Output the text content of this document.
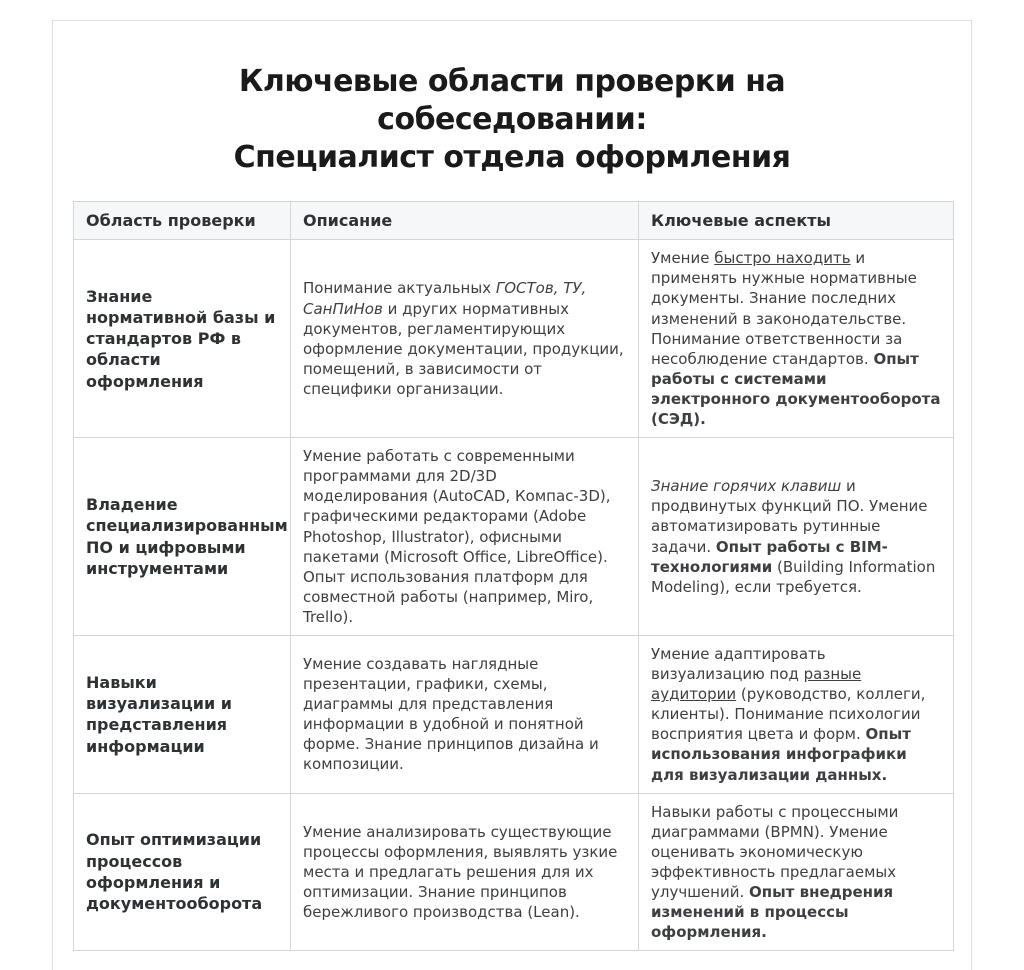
Ключевые области проверки на собеседовании:
Специалист отдела оформления
Область проверки	Описание	Ключевые аспекты
Знание нормативной базы и стандартов РФ в области оформления	Понимание актуальных ГОСТов, ТУ, СанПиНов и других нормативных документов, регламентирующих оформление документации, продукции, помещений, в зависимости от специфики организации.	Умение быстро находить и применять нужные нормативные документы. Знание последних изменений в законодательстве. Понимание ответственности за несоблюдение стандартов. Опыт работы с системами электронного документооборота (СЭД).
Владение специализированным ПО и цифровыми инструментами	Умение работать с современными программами для 2D/3D моделирования (AutoCAD, Компас-3D), графическими редакторами (Adobe Photoshop, Illustrator), офисными пакетами (Microsoft Office, LibreOffice). Опыт использования платформ для совместной работы (например, Miro, Trello).	Знание горячих клавиш и продвинутых функций ПО. Умение автоматизировать рутинные задачи. Опыт работы с BIM-технологиями (Building Information Modeling), если требуется.
Навыки визуализации и представления информации	Умение создавать наглядные презентации, графики, схемы, диаграммы для представления информации в удобной и понятной форме. Знание принципов дизайна и композиции.	Умение адаптировать визуализацию под разные аудитории (руководство, коллеги, клиенты). Понимание психологии восприятия цвета и форм. Опыт использования инфографики для визуализации данных.
Опыт оптимизации процессов оформления и документооборота	Умение анализировать существующие процессы оформления, выявлять узкие места и предлагать решения для их оптимизации. Знание принципов бережливого производства (Lean).	Навыки работы с процессными диаграммами (BPMN). Умение оценивать экономическую эффективность предлагаемых улучшений. Опыт внедрения изменений в процессы оформления.
